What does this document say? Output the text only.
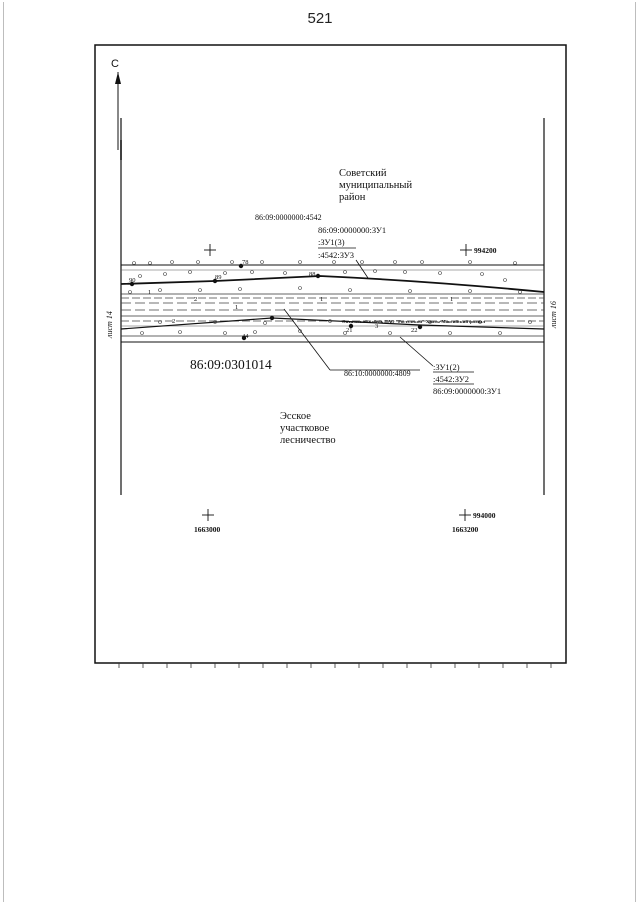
521
С
лист 14	лист 16
90	89
78
88
44
21	22
1
2	1	1
1
2
3
Оптический кабель ПАО "Ростелеком" Ханты-Мансийский филиал
994200
994000
1663000	1663200
Советский
муниципальный
район
86:09:0000000:4542
86:09:0000000:ЗУ1
:ЗУ1(3)
:4542:ЗУ3
86:09:0301014
86:10:0000000:4809
:ЗУ1(2)
:4542:ЗУ2
86:09:0000000:ЗУ1
Эсское
участковое
лесничество
